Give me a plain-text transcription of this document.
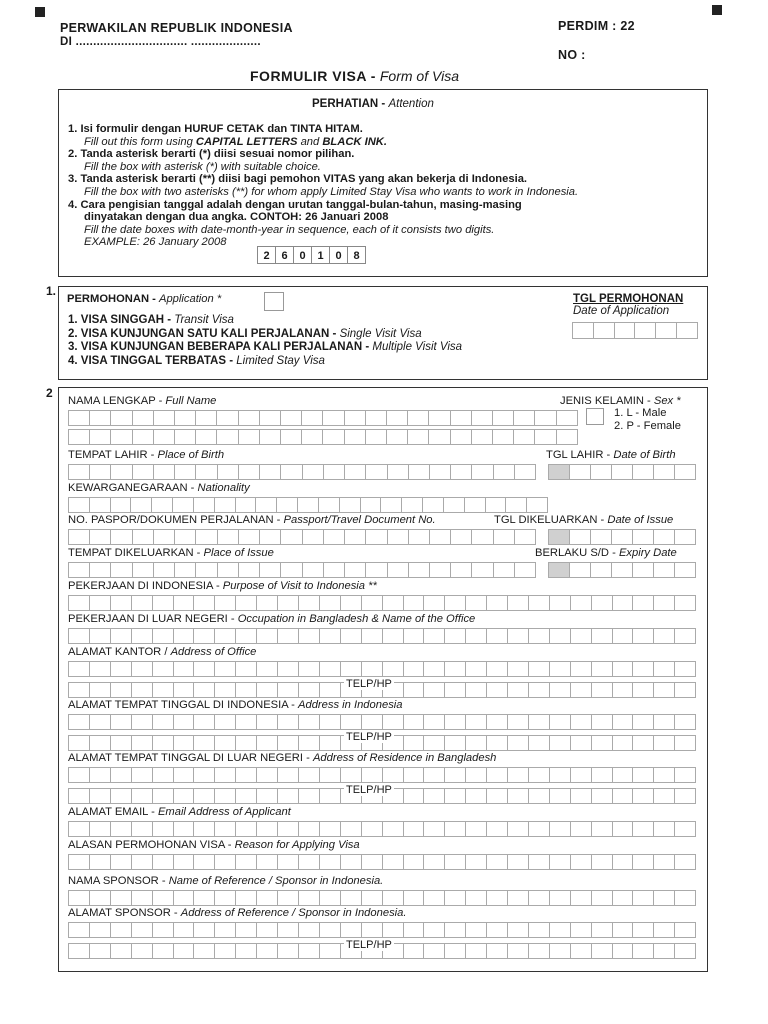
PERWAKILAN REPUBLIK INDONESIA
DI ................................ ....................
PERDIM : 22
NO :
FORMULIR VISA - Form of Visa
PERHATIAN - Attention
1. Isi formulir dengan HURUF CETAK dan TINTA HITAM.
Fill out this form using CAPITAL LETTERS and BLACK INK.
2. Tanda asterisk berarti (*) diisi sesuai nomor pilihan.
Fill the box with asterisk (*) with suitable choice.
3. Tanda asterisk berarti (**) diisi bagi pemohon VITAS yang akan bekerja di Indonesia.
Fill the box with two asterisks (**) for whom apply Limited Stay Visa who wants to work in Indonesia.
4. Cara pengisian tanggal adalah dengan urutan tanggal-bulan-tahun, masing-masing
dinyatakan dengan dua angka. CONTOH: 26 Januari 2008
Fill the date boxes with date-month-year in sequence, each of it consists two digits.
EXAMPLE: 26 January 2008
2	6	0	1	0	8
1.
PERMOHONAN - Application *
1. VISA SINGGAH - Transit Visa
2. VISA KUNJUNGAN SATU KALI PERJALANAN - Single Visit Visa
3. VISA KUNJUNGAN BEBERAPA KALI PERJALANAN - Multiple Visit Visa
4. VISA TINGGAL TERBATAS - Limited Stay Visa
TGL PERMOHONAN
Date of Application
2
NAMA LENGKAP - Full Name	JENIS KELAMIN - Sex *
1. L - Male
2. P - Female
TEMPAT LAHIR - Place of Birth	TGL LAHIR - Date of Birth
KEWARGANEGARAAN - Nationality
NO. PASPOR/DOKUMEN PERJALANAN - Passport/Travel Document No.	TGL DIKELUARKAN - Date of Issue
TEMPAT DIKELUARKAN - Place of Issue	BERLAKU S/D - Expiry Date
PEKERJAAN DI INDONESIA - Purpose of Visit to Indonesia **
PEKERJAAN DI LUAR NEGERI - Occupation in Bangladesh & Name of the Office
ALAMAT KANTOR / Address of Office
TELP/HP
ALAMAT TEMPAT TINGGAL DI INDONESIA - Address in Indonesia
TELP/HP
ALAMAT TEMPAT TINGGAL DI LUAR NEGERI - Address of Residence in Bangladesh
TELP/HP
ALAMAT EMAIL - Email Address of Applicant
ALASAN PERMOHONAN VISA - Reason for Applying Visa
NAMA SPONSOR - Name of Reference / Sponsor in Indonesia.
ALAMAT SPONSOR - Address of Reference / Sponsor in Indonesia.
TELP/HP
